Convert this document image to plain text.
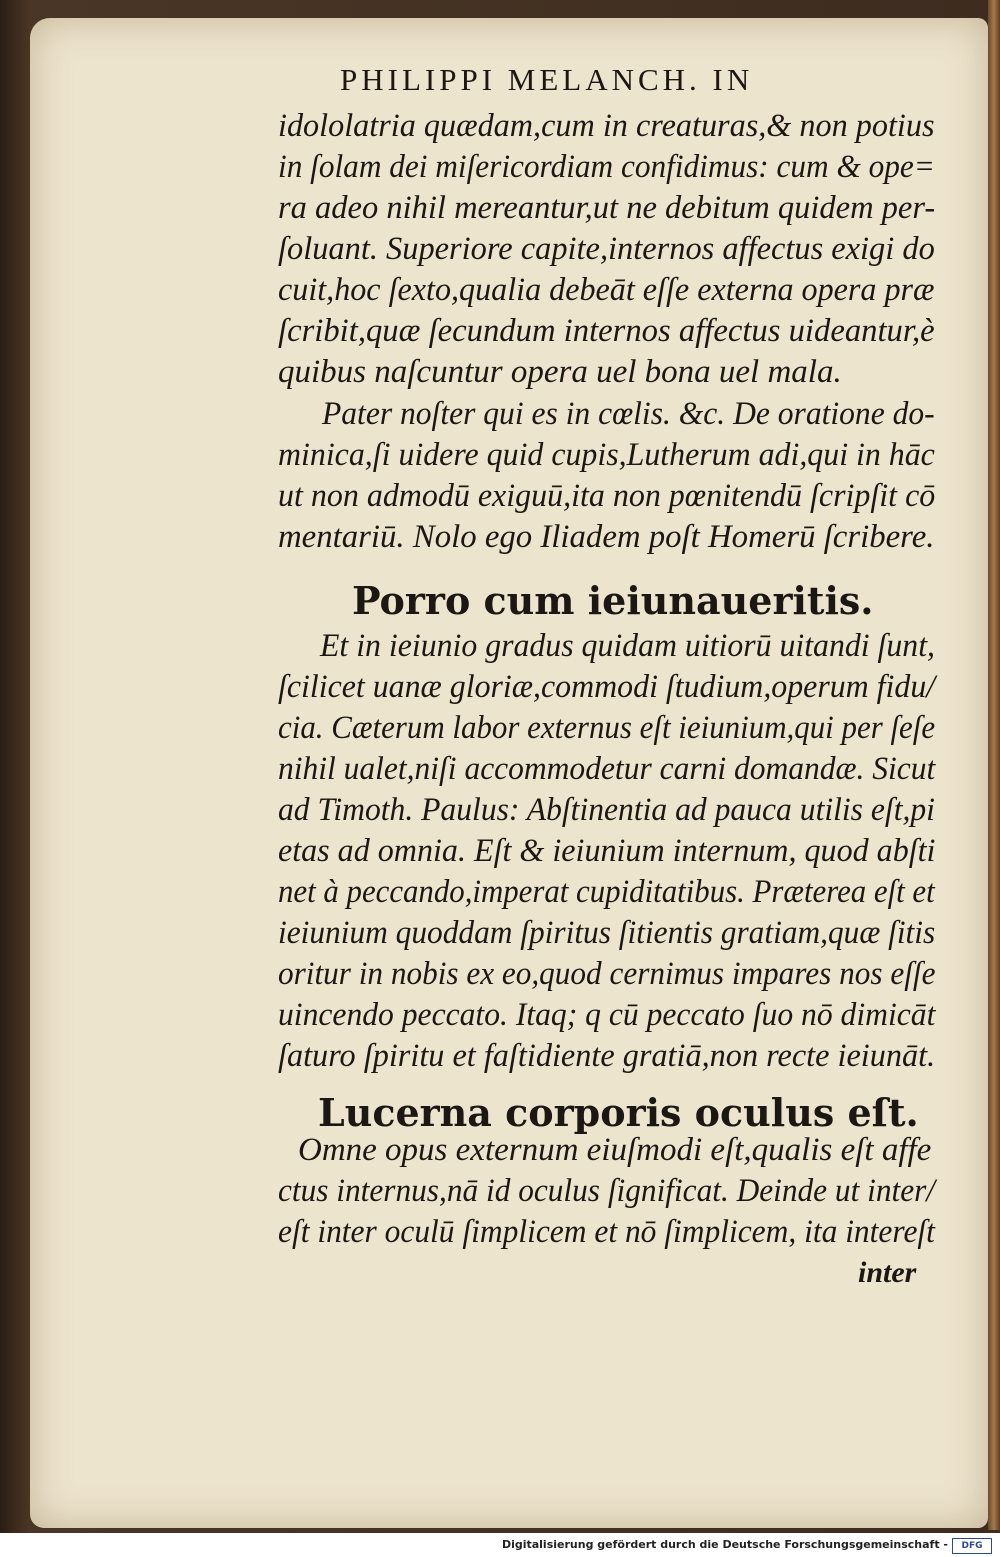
PHILIPPI MELANCH. IN
idololatria quædam,cum in creaturas,& non potius
in ſolam dei miſericordiam confidimus: cum & ope=
ra adeo nihil mereantur,ut ne debitum quidem per-
ſoluant. Superiore capite,internos affectus exigi do
cuit,hoc ſexto,qualia debeāt eſſe externa opera præ
ſcribit,quæ ſecundum internos affectus uideantur,è
quibus naſcuntur opera uel bona uel mala.
Pater noſter qui es in cœlis. &c. De oratione do-
minica,ſi uidere quid cupis,Lutherum adi,qui in hāc
ut non admodū exiguū,ita non pœnitendū ſcripſit cō
mentariū. Nolo ego Iliadem poſt Homerū ſcribere.
Porro cum ieiunaueritis.
Et in ieiunio gradus quidam uitiorū uitandi ſunt,
ſcilicet uanæ gloriæ,commodi ſtudium,operum fidu/
cia. Cæterum labor externus eſt ieiunium,qui per ſeſe
nihil ualet,niſi accommodetur carni domandæ. Sicut
ad Timoth. Paulus: Abſtinentia ad pauca utilis eſt,pi
etas ad omnia. Eſt & ieiunium internum, quod abſti
net à peccando,imperat cupiditatibus. Præterea eſt et
ieiunium quoddam ſpiritus ſitientis gratiam,quæ ſitis
oritur in nobis ex eo,quod cernimus impares nos eſſe
uincendo peccato. Itaq; q cū peccato ſuo nō dimicāt
ſaturo ſpiritu et faſtidiente gratiā,non recte ieiunāt.
Lucerna corporis oculus eſt.
Omne opus externum eiuſmodi eſt,qualis eſt affe
ctus internus,nā id oculus ſignificat. Deinde ut inter/
eſt inter oculū ſimplicem et nō ſimplicem, ita intereſt
inter
Digitalisierung gefördert durch die Deutsche Forschungsgemeinschaft -	DFG
